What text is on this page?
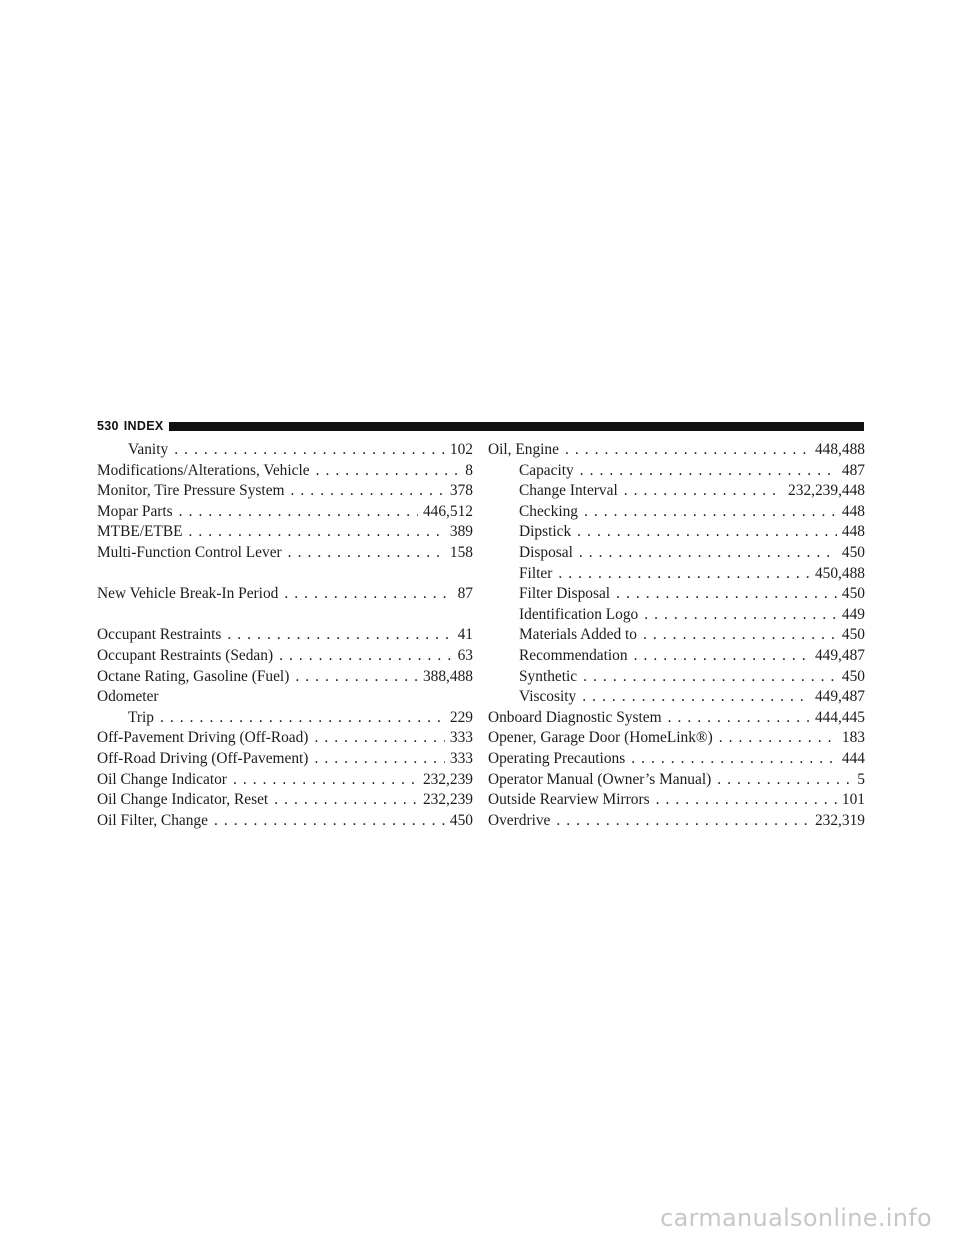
530 INDEX
Vanity . . .	102
Modifications/Alterations, Vehicle . . .	8
Monitor, Tire Pressure System . . .	378
Mopar Parts . . .	446,512
MTBE/ETBE . . .	389
Multi-Function Control Lever . . .	158
New Vehicle Break-In Period . . .	87
Occupant Restraints . . .	41
Occupant Restraints (Sedan) . . .	63
Octane Rating, Gasoline (Fuel) . . .	388,488
Odometer
Trip . . .	229
Off-Pavement Driving (Off-Road) . . .	333
Off-Road Driving (Off-Pavement) . . .	333
Oil Change Indicator . . .	232,239
Oil Change Indicator, Reset . . .	232,239
Oil Filter, Change . . .	450
Oil, Engine . . .	448,488
Capacity . . .	487
Change Interval . . .	232,239,448
Checking . . .	448
Dipstick . . .	448
Disposal . . .	450
Filter . . .	450,488
Filter Disposal . . .	450
Identification Logo . . .	449
Materials Added to . . .	450
Recommendation . . .	449,487
Synthetic . . .	450
Viscosity . . .	449,487
Onboard Diagnostic System . . .	444,445
Opener, Garage Door (HomeLink®) . . .	183
Operating Precautions . . .	444
Operator Manual (Owner’s Manual) . . .	5
Outside Rearview Mirrors . . .	101
Overdrive . . .	232,319
carmanualsonline.info
